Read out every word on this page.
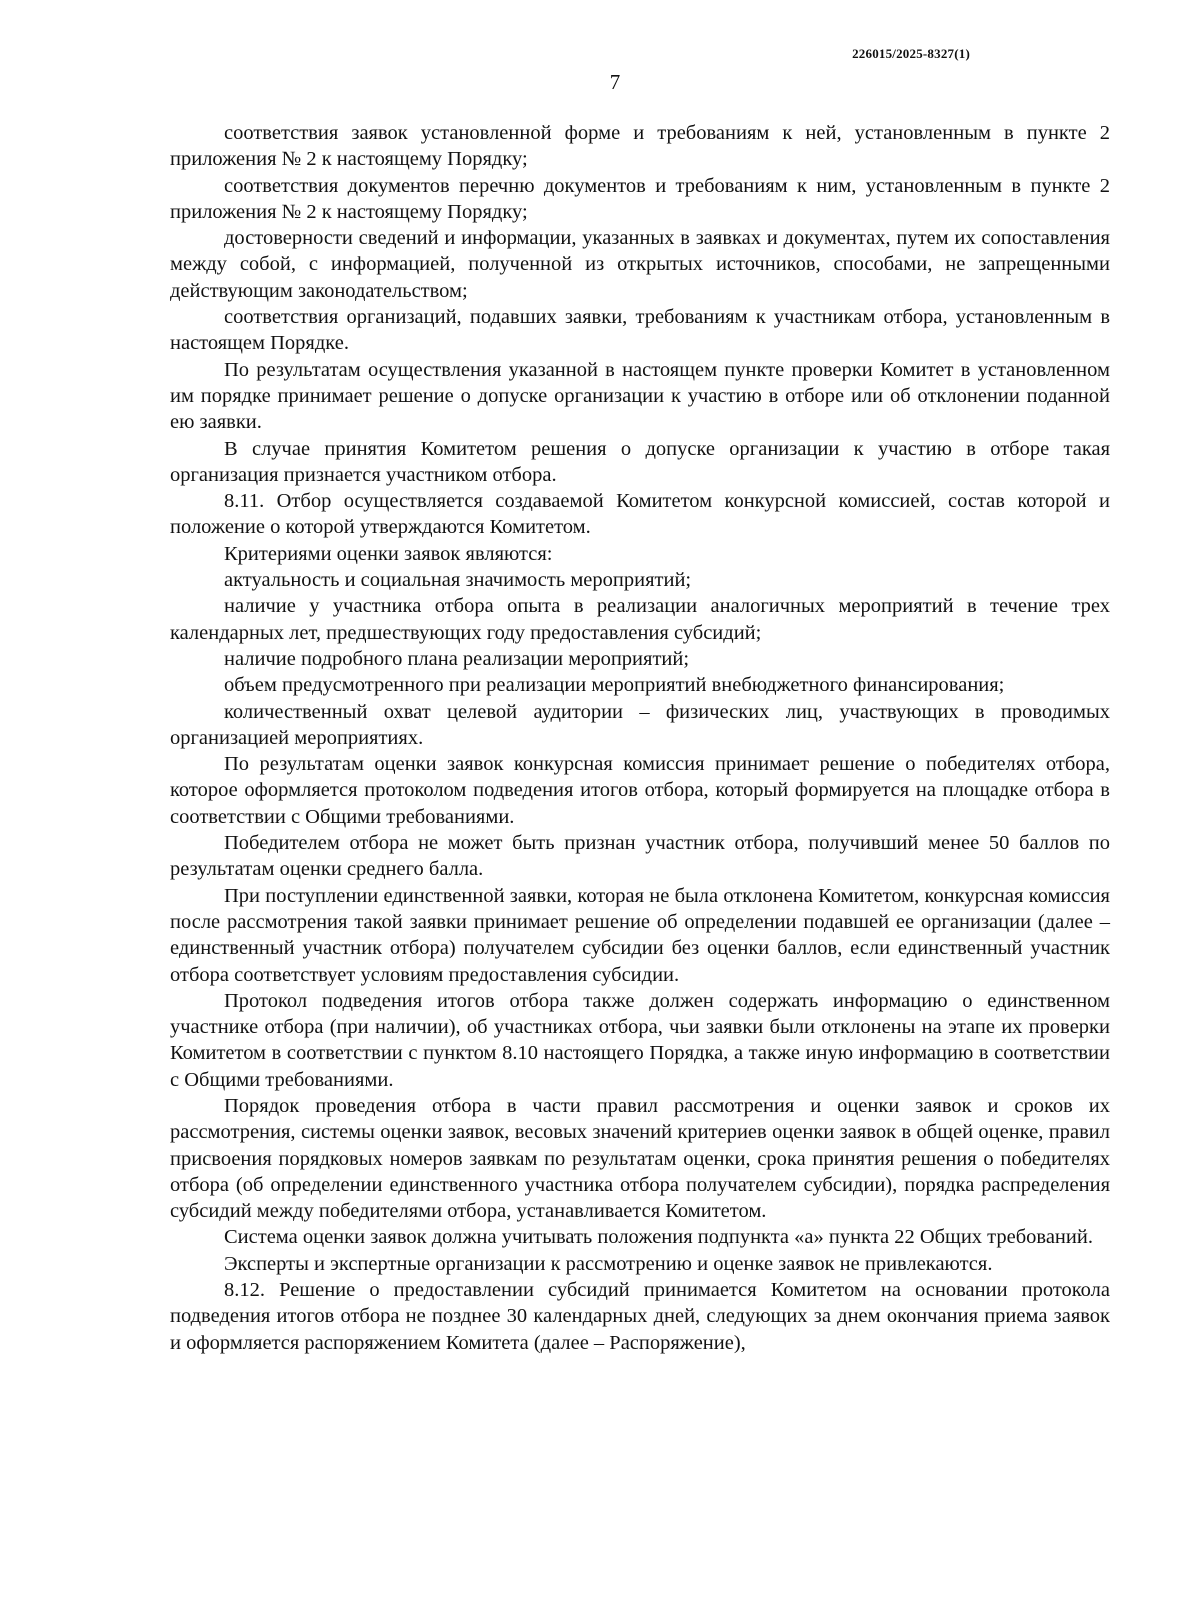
226015/2025-8327(1)
7

соответствия заявок установленной форме и требованиям к ней, установленным в пункте 2 приложения № 2 к настоящему Порядку;

соответствия документов перечню документов и требованиям к ним, установленным в пункте 2 приложения № 2 к настоящему Порядку;

достоверности сведений и информации, указанных в заявках и документах, путем их сопоставления между собой, с информацией, полученной из открытых источников, способами, не запрещенными действующим законодательством;

соответствия организаций, подавших заявки, требованиям к участникам отбора, установленным в настоящем Порядке.

По результатам осуществления указанной в настоящем пункте проверки Комитет в установленном им порядке принимает решение о допуске организации к участию в отборе или об отклонении поданной ею заявки.

В случае принятия Комитетом решения о допуске организации к участию в отборе такая организация признается участником отбора.

8.11. Отбор осуществляется создаваемой Комитетом конкурсной комиссией, состав которой и положение о которой утверждаются Комитетом.

Критериями оценки заявок являются:

актуальность и социальная значимость мероприятий;

наличие у участника отбора опыта в реализации аналогичных мероприятий в течение трех календарных лет, предшествующих году предоставления субсидий;

наличие подробного плана реализации мероприятий;

объем предусмотренного при реализации мероприятий внебюджетного финансирования;

количественный охват целевой аудитории – физических лиц, участвующих в проводимых организацией мероприятиях.

По результатам оценки заявок конкурсная комиссия принимает решение о победителях отбора, которое оформляется протоколом подведения итогов отбора, который формируется на площадке отбора в соответствии с Общими требованиями.

Победителем отбора не может быть признан участник отбора, получивший менее 50 баллов по результатам оценки среднего балла.

При поступлении единственной заявки, которая не была отклонена Комитетом, конкурсная комиссия после рассмотрения такой заявки принимает решение об определении подавшей ее организации (далее – единственный участник отбора) получателем субсидии без оценки баллов, если единственный участник отбора соответствует условиям предоставления субсидии.

Протокол подведения итогов отбора также должен содержать информацию о единственном участнике отбора (при наличии), об участниках отбора, чьи заявки были отклонены на этапе их проверки Комитетом в соответствии с пунктом 8.10 настоящего Порядка, а также иную информацию в соответствии с Общими требованиями.

Порядок проведения отбора в части правил рассмотрения и оценки заявок и сроков их рассмотрения, системы оценки заявок, весовых значений критериев оценки заявок в общей оценке, правил присвоения порядковых номеров заявкам по результатам оценки, срока принятия решения о победителях отбора (об определении единственного участника отбора получателем субсидии), порядка распределения субсидий между победителями отбора, устанавливается Комитетом.

Система оценки заявок должна учитывать положения подпункта «а» пункта 22 Общих требований.

Эксперты и экспертные организации к рассмотрению и оценке заявок не привлекаются.

8.12. Решение о предоставлении субсидий принимается Комитетом на основании протокола подведения итогов отбора не позднее 30 календарных дней, следующих за днем окончания приема заявок и оформляется распоряжением Комитета (далее – Распоряжение),
